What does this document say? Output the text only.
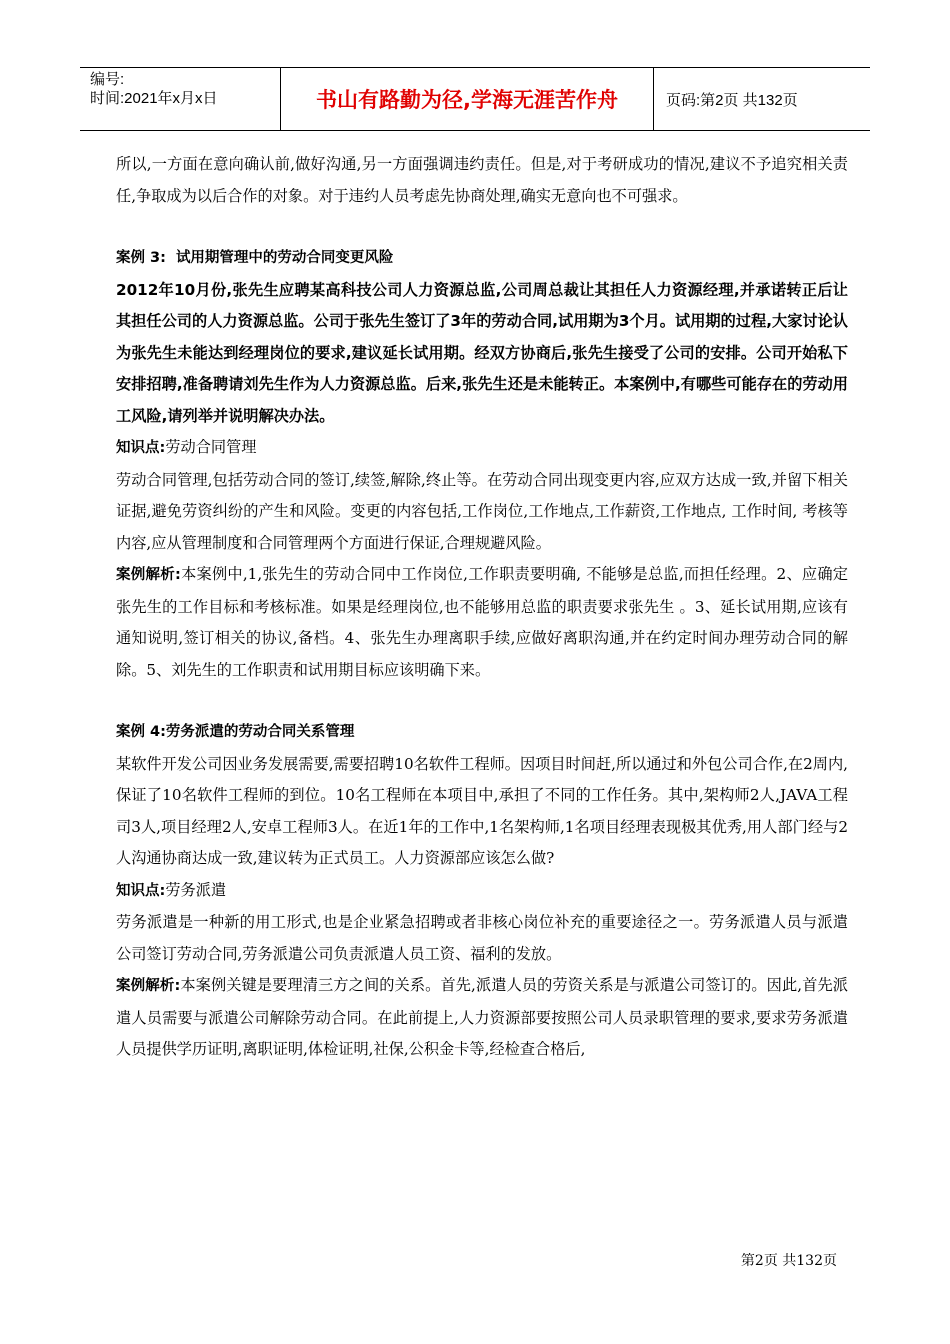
编号:
时间:2021年x月x日	书山有路勤为径,学海无涯苦作舟	页码:第2页 共132页

所以,一方面在意向确认前,做好沟通,另一方面强调违约责任。但是,对于考研成功的情况,建议不予追究相关责任,争取成为以后合作的对象。对于违约人员考虑先协商处理,确实无意向也不可强求。

案例 3: 试用期管理中的劳动合同变更风险

2012年10月份,张先生应聘某高科技公司人力资源总监,公司周总裁让其担任人力资源经理,并承诺转正后让其担任公司的人力资源总监。公司于张先生签订了3年的劳动合同,试用期为3个月。试用期的过程,大家讨论认为张先生未能达到经理岗位的要求,建议延长试用期。经双方协商后,张先生接受了公司的安排。公司开始私下安排招聘,准备聘请刘先生作为人力资源总监。后来,张先生还是未能转正。本案例中,有哪些可能存在的劳动用工风险,请列举并说明解决办法。

知识点:劳动合同管理

劳动合同管理,包括劳动合同的签订,续签,解除,终止等。在劳动合同出现变更内容,应双方达成一致,并留下相关证据,避免劳资纠纷的产生和风险。变更的内容包括,工作岗位,工作地点,工作薪资,工作地点, 工作时间, 考核等内容,应从管理制度和合同管理两个方面进行保证,合理规避风险。

案例解析:本案例中,1,张先生的劳动合同中工作岗位,工作职责要明确, 不能够是总监,而担任经理。2、应确定张先生的工作目标和考核标准。如果是经理岗位,也不能够用总监的职责要求张先生 。3、延长试用期,应该有通知说明,签订相关的协议,备档。4、张先生办理离职手续,应做好离职沟通,并在约定时间办理劳动合同的解除。5、刘先生的工作职责和试用期目标应该明确下来。

案例 4:劳务派遣的劳动合同关系管理

某软件开发公司因业务发展需要,需要招聘10名软件工程师。因项目时间赶,所以通过和外包公司合作,在2周内,保证了10名软件工程师的到位。10名工程师在本项目中,承担了不同的工作任务。其中,架构师2人,JAVA工程司3人,项目经理2人,安卓工程师3人。在近1年的工作中,1名架构师,1名项目经理表现极其优秀,用人部门经与2人沟通协商达成一致,建议转为正式员工。人力资源部应该怎么做?

知识点:劳务派遣

劳务派遣是一种新的用工形式,也是企业紧急招聘或者非核心岗位补充的重要途径之一。劳务派遣人员与派遣公司签订劳动合同,劳务派遣公司负责派遣人员工资、福利的发放。

案例解析:本案例关键是要理清三方之间的关系。首先,派遣人员的劳资关系是与派遣公司签订的。因此,首先派遣人员需要与派遣公司解除劳动合同。在此前提上,人力资源部要按照公司人员录职管理的要求,要求劳务派遣人员提供学历证明,离职证明,体检证明,社保,公积金卡等,经检查合格后,

第2页 共132页
